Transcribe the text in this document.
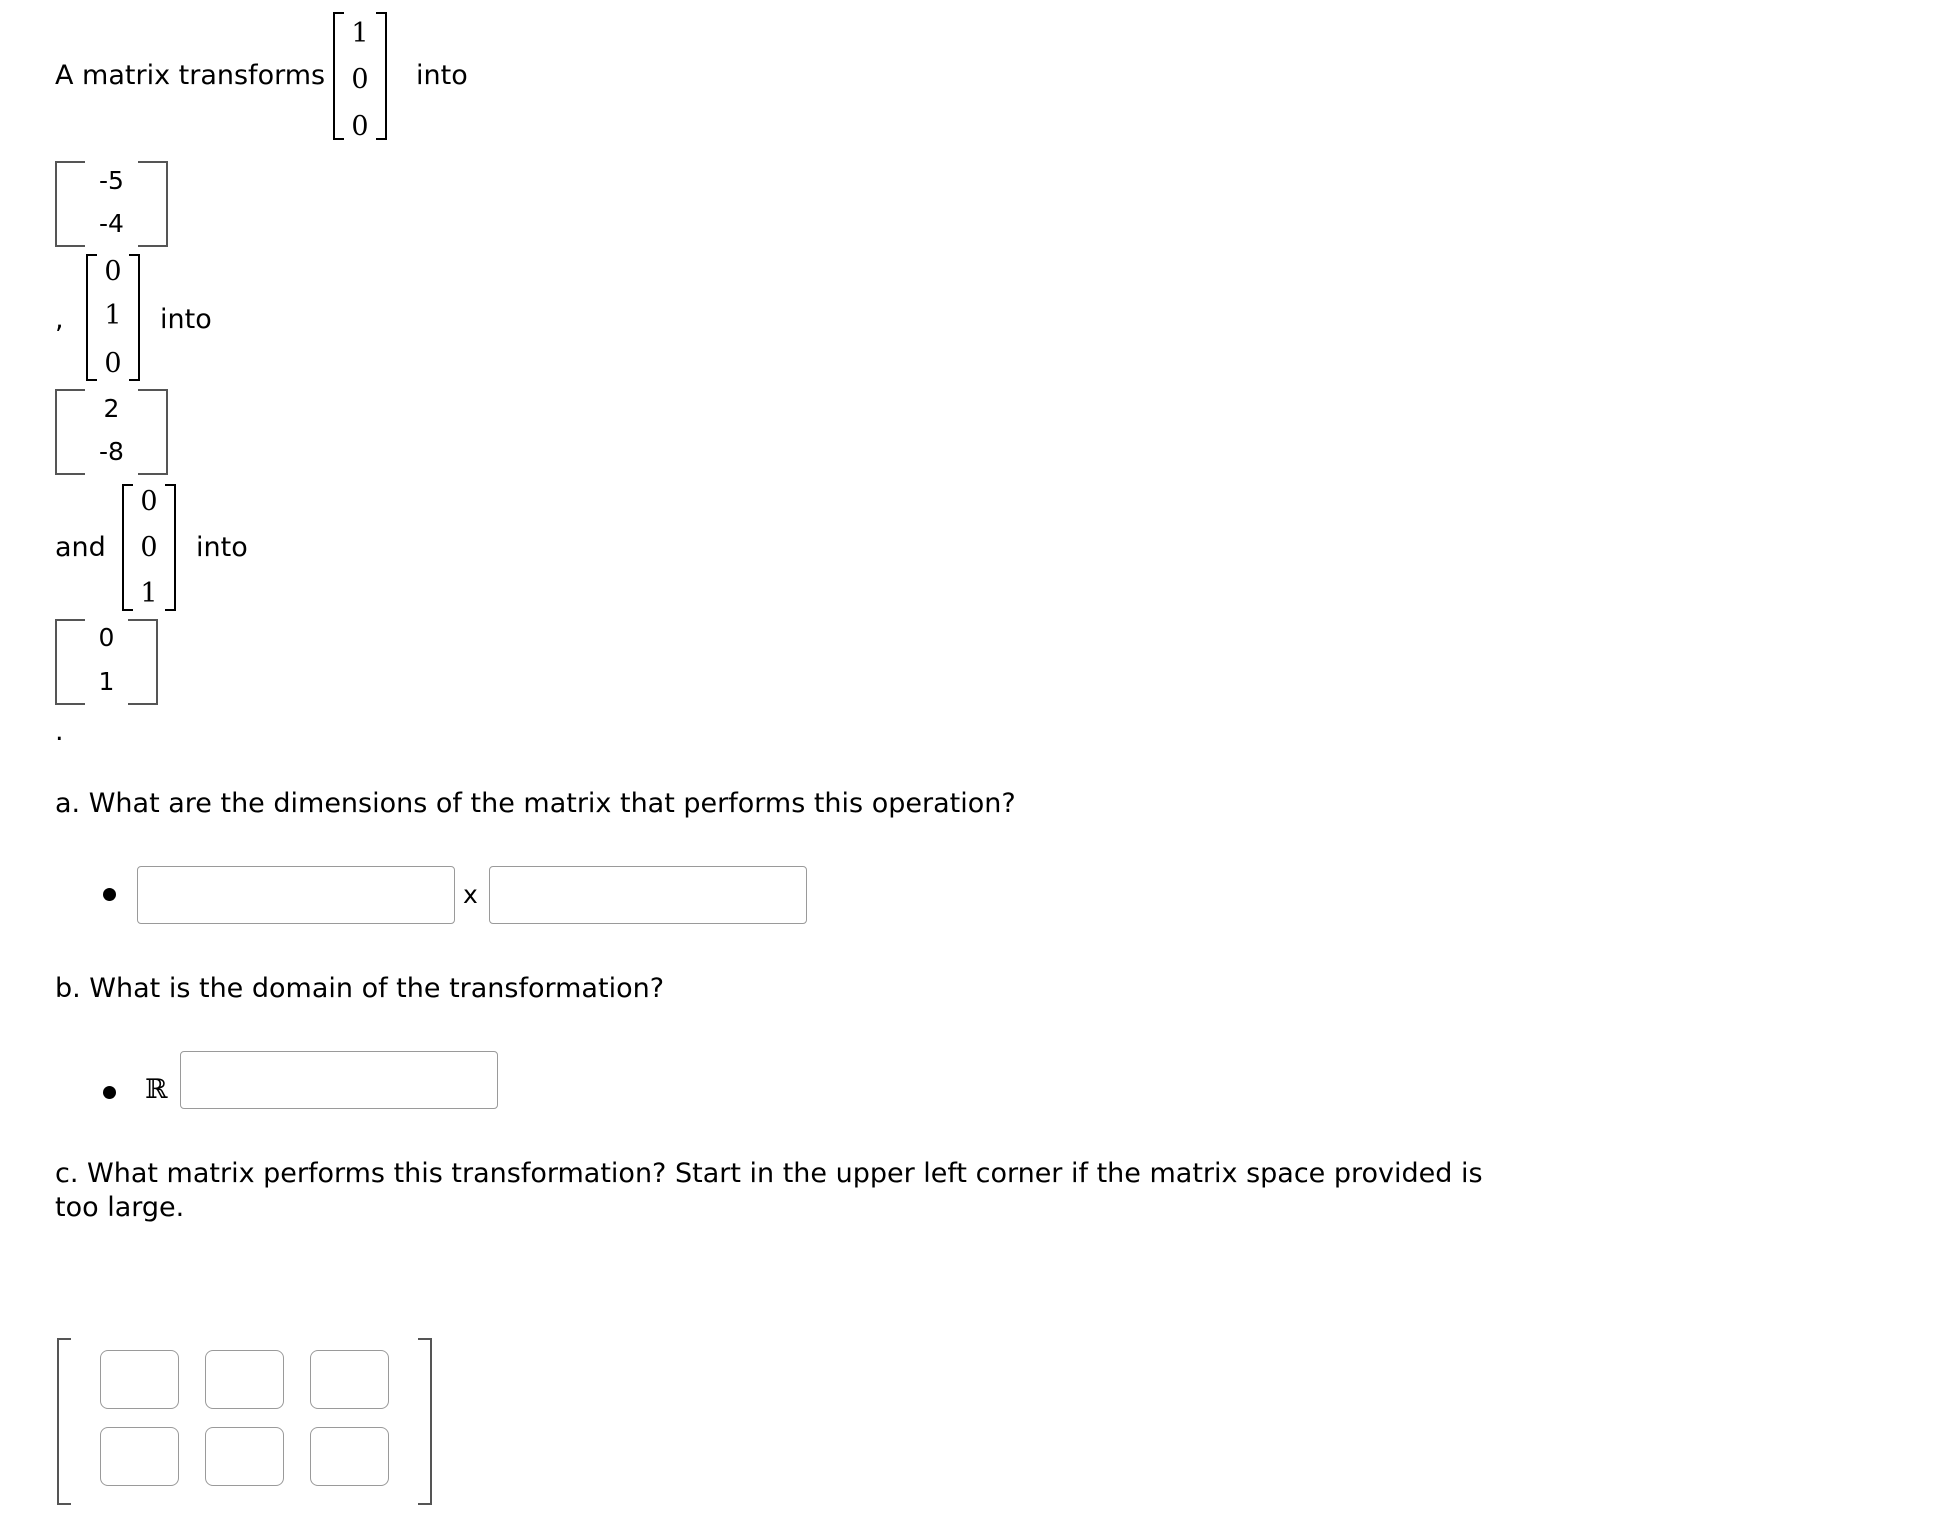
A matrix transforms
1
0
0
into
-5
-4
,
0
1
0
into
2
-8
and
0
0
1
into
0
1
.
a. What are the dimensions of the matrix that performs this operation?
x
b. What is the domain of the transformation?
ℝ
c. What matrix performs this transformation? Start in the upper left corner if the matrix space provided is
too large.
